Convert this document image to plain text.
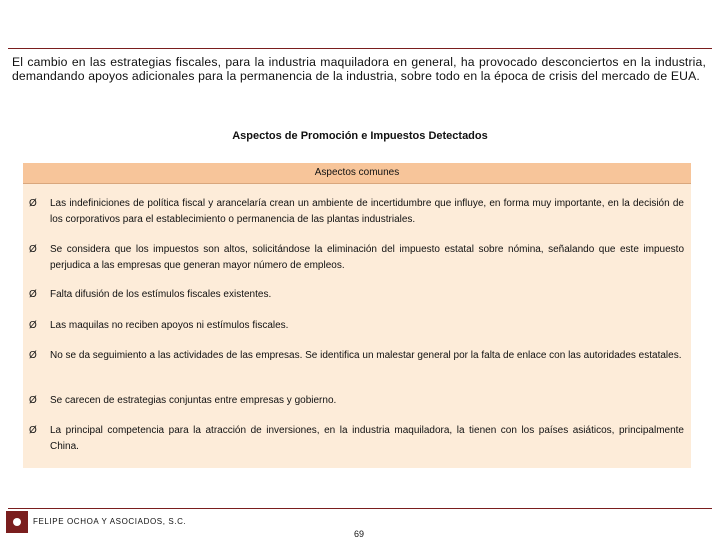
El cambio en las estrategias fiscales, para la industria maquiladora en general, ha provocado desconciertos en la industria, demandando apoyos adicionales para la permanencia de la industria, sobre todo en la época de crisis del mercado de EUA.

Aspectos de Promoción e Impuestos Detectados
Aspectos comunes
Ø	Las indefiniciones de política fiscal y arancelaría crean un ambiente de incertidumbre que influye, en forma muy importante, en la decisión de los corporativos para el establecimiento o permanencia de las plantas industriales.
Ø	Se considera que los impuestos son altos, solicitándose la eliminación del impuesto estatal sobre nómina, señalando que este impuesto perjudica a las empresas que generan mayor número de empleos.
Ø	Falta difusión de los estímulos fiscales existentes.
Ø	Las maquilas no reciben apoyos ni estímulos fiscales.
Ø	No se da seguimiento a las actividades de las empresas. Se identifica un malestar general por la falta de enlace con las autoridades estatales.
Ø	Se carecen de estrategias conjuntas entre empresas y gobierno.
Ø	La principal competencia para la atracción de inversiones, en la industria maquiladora, la tienen con los países asiáticos, principalmente China.
FELIPE OCHOA Y ASOCIADOS, S.C.
69
